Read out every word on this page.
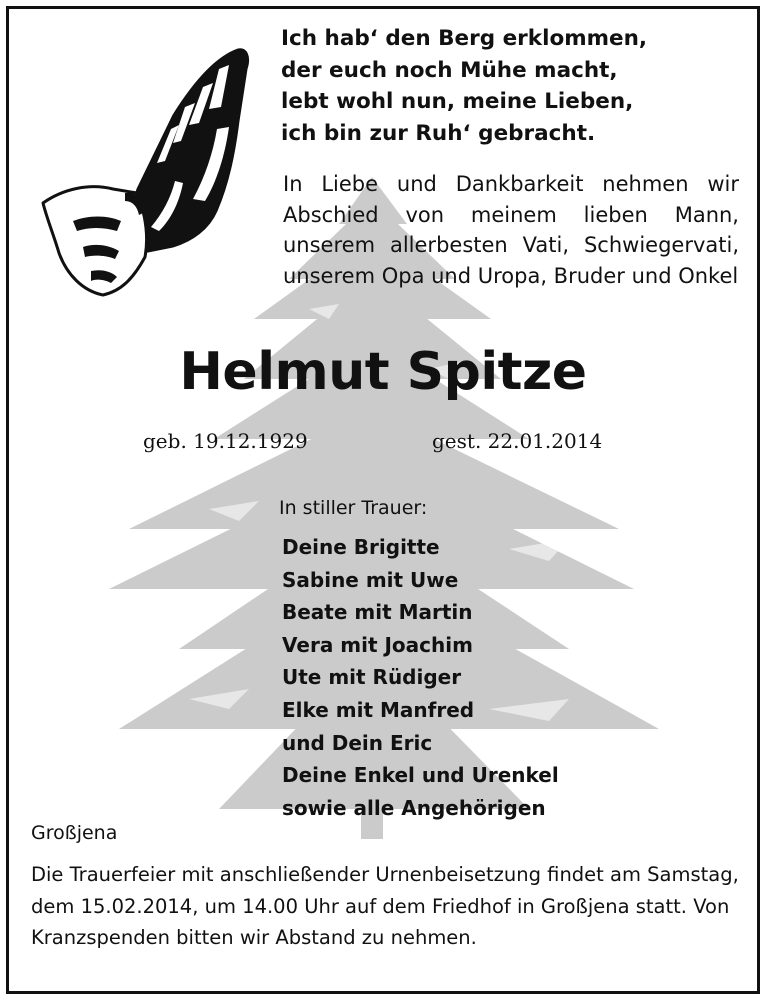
Ich hab‘ den Berg erklommen,
der euch noch Mühe macht,
lebt wohl nun, meine Lieben,
ich bin zur Ruh‘ gebracht.
In Liebe und Dankbarkeit nehmen wir Abschied von meinem lieben Mann, unserem allerbesten Vati, Schwiegervati, unserem Opa und Uropa, Bruder und Onkel
Helmut Spitze
geb. 19.12.1929	gest. 22.01.2014
In stiller Trauer:
Deine Brigitte
Sabine mit Uwe
Beate mit Martin
Vera mit Joachim
Ute mit Rüdiger
Elke mit Manfred
und Dein Eric
Deine Enkel und Urenkel
sowie alle Angehörigen
Großjena
Die Trauerfeier mit anschließender Urnenbeisetzung findet am Samstag, dem 15.02.2014, um 14.00 Uhr auf dem Friedhof in Großjena statt. Von Kranzspenden bitten wir Abstand zu nehmen.
